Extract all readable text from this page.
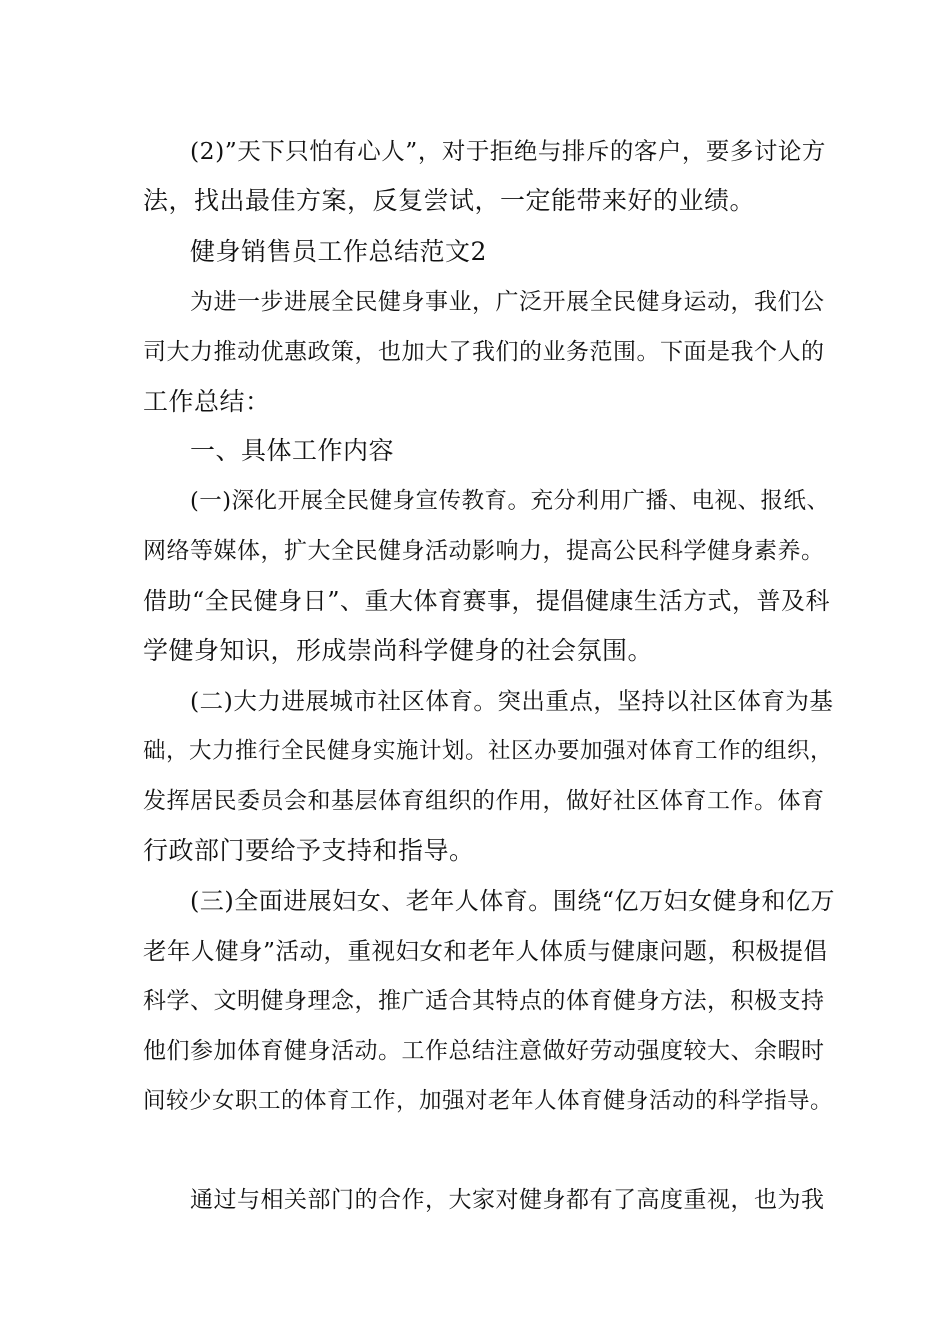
(2)”天下只怕有心人”，对于拒绝与排斥的客户，要多讨论方
法，找出最佳方案，反复尝试，一定能带来好的业绩。
健身销售员工作总结范文2
为进一步进展全民健身事业，广泛开展全民健身运动，我们公
司大力推动优惠政策，也加大了我们的业务范围。下面是我个人的
工作总结：
一、具体工作内容
(一)深化开展全民健身宣传教育。充分利用广播、电视、报纸、
网络等媒体，扩大全民健身活动影响力，提高公民科学健身素养。
借助“全民健身日”、重大体育赛事，提倡健康生活方式，普及科
学健身知识，形成崇尚科学健身的社会氛围。
(二)大力进展城市社区体育。突出重点，坚持以社区体育为基
础，大力推行全民健身实施计划。社区办要加强对体育工作的组织，
发挥居民委员会和基层体育组织的作用，做好社区体育工作。体育
行政部门要给予支持和指导。
(三)全面进展妇女、老年人体育。围绕“亿万妇女健身和亿万
老年人健身”活动，重视妇女和老年人体质与健康问题，积极提倡
科学、文明健身理念，推广适合其特点的体育健身方法，积极支持
他们参加体育健身活动。工作总结注意做好劳动强度较大、余暇时
间较少女职工的体育工作，加强对老年人体育健身活动的科学指导。
通过与相关部门的合作，大家对健身都有了高度重视，也为我
